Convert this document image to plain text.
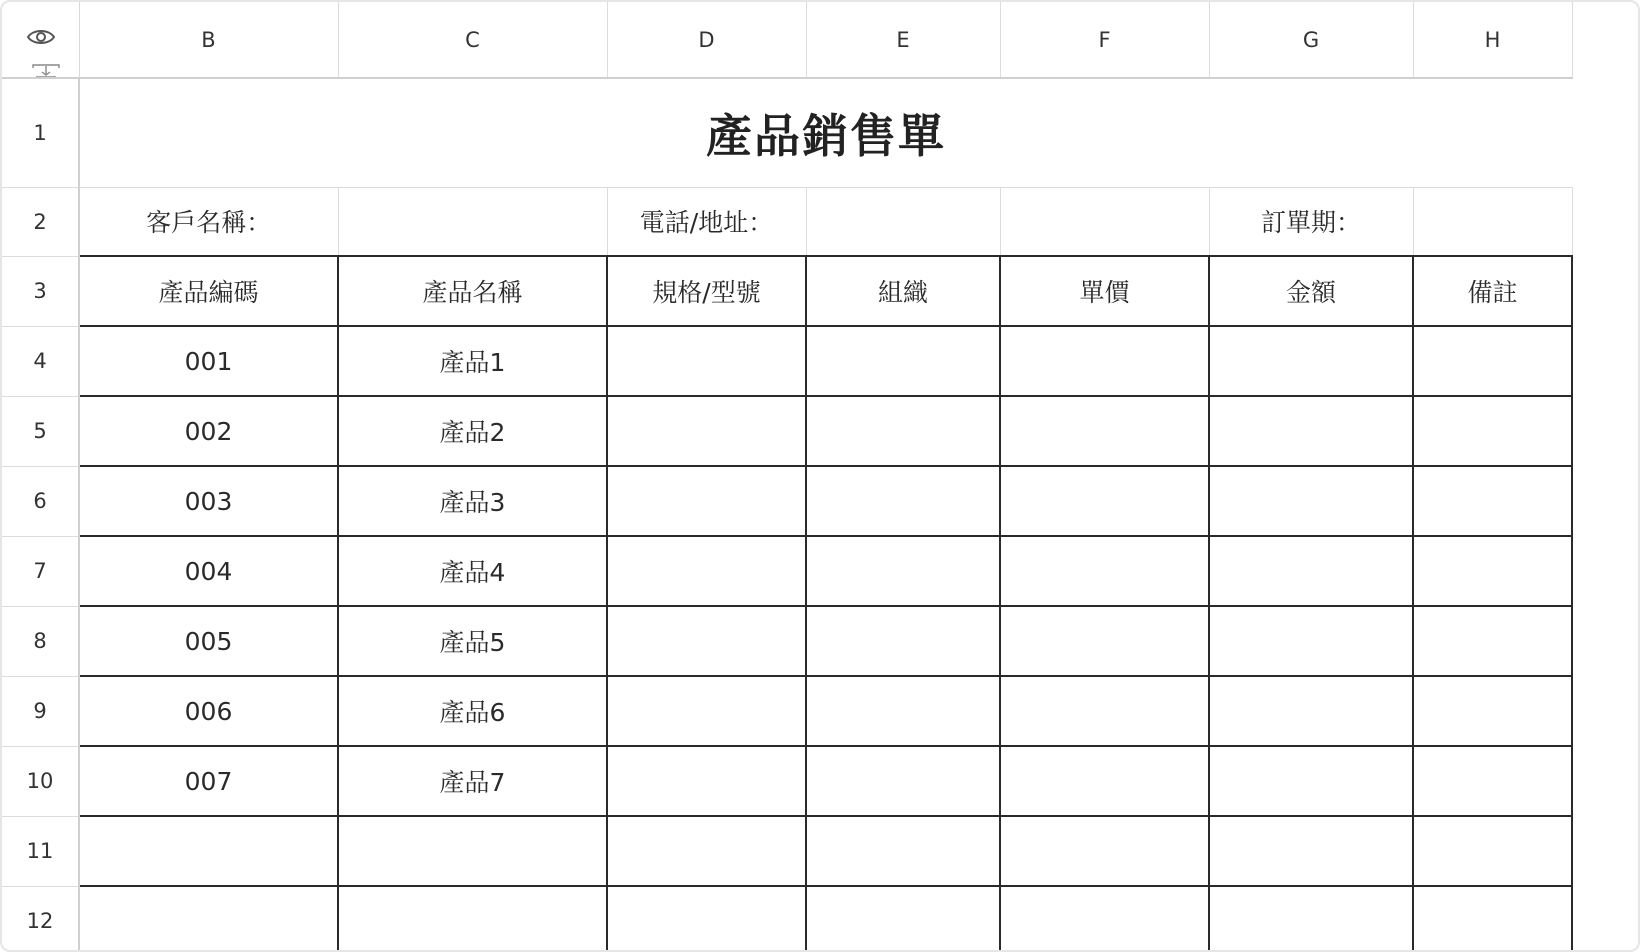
	B	C	D	E	F	G	H
1	產品銷售單						
2	客戶名稱：		電話/地址：			訂單期：	
3	產品編碼	產品名稱	規格/型號	組織	單價	金額	備註
4	001	產品1					
5	002	產品2					
6	003	產品3					
7	004	產品4					
8	005	產品5					
9	006	產品6					
10	007	產品7					
11							
12							
